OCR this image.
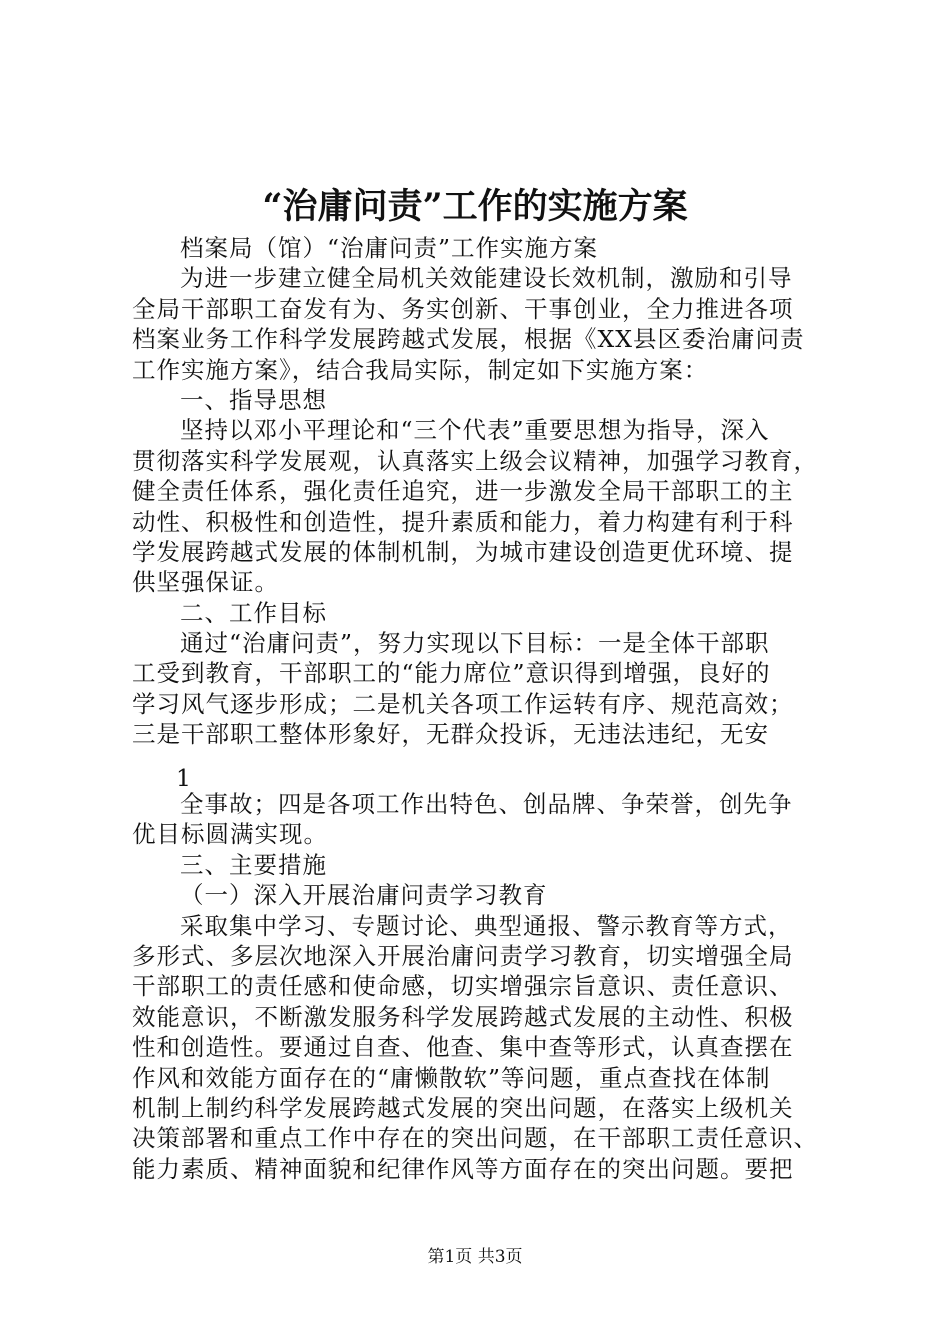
“治庸问责”工作的实施方案
档案局（馆）“治庸问责”工作实施方案
为进一步建立健全局机关效能建设长效机制，激励和引导
全局干部职工奋发有为、务实创新、干事创业，全力推进各项
档案业务工作科学发展跨越式发展，根据《XX县区委治庸问责
工作实施方案》，结合我局实际，制定如下实施方案：
一、指导思想
坚持以邓小平理论和“三个代表”重要思想为指导，深入
贯彻落实科学发展观，认真落实上级会议精神，加强学习教育，
健全责任体系，强化责任追究，进一步激发全局干部职工的主
动性、积极性和创造性，提升素质和能力，着力构建有利于科
学发展跨越式发展的体制机制，为城市建设创造更优环境、提
供坚强保证。
二、工作目标
通过“治庸问责”，努力实现以下目标：一是全体干部职
工受到教育，干部职工的“能力席位”意识得到增强，良好的
学习风气逐步形成；二是机关各项工作运转有序、规范高效；
三是干部职工整体形象好，无群众投诉，无违法违纪，无安
1
全事故；四是各项工作出特色、创品牌、争荣誉，创先争
优目标圆满实现。
三、主要措施
（一）深入开展治庸问责学习教育
采取集中学习、专题讨论、典型通报、警示教育等方式，
多形式、多层次地深入开展治庸问责学习教育，切实增强全局
干部职工的责任感和使命感，切实增强宗旨意识、责任意识、
效能意识，不断激发服务科学发展跨越式发展的主动性、积极
性和创造性。要通过自查、他查、集中查等形式，认真查摆在
作风和效能方面存在的“庸懒散软”等问题，重点查找在体制
机制上制约科学发展跨越式发展的突出问题，在落实上级机关
决策部署和重点工作中存在的突出问题，在干部职工责任意识、
能力素质、精神面貌和纪律作风等方面存在的突出问题。要把
第1页 共3页
